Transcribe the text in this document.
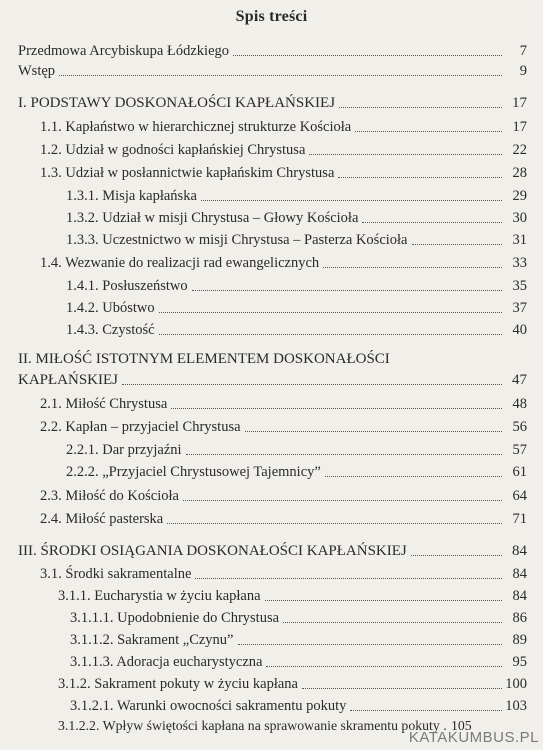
Spis treści
Przedmowa Arcybiskupa Łódzkiego	7
Wstęp	9
I. PODSTAWY DOSKONAŁOŚCI KAPŁAŃSKIEJ	17
1.1. Kapłaństwo w hierarchicznej strukturze Kościoła	17
1.2. Udział w godności kapłańskiej Chrystusa	22
1.3. Udział w posłannictwie kapłańskim Chrystusa	28
1.3.1. Misja kapłańska	29
1.3.2. Udział w misji Chrystusa – Głowy Kościoła	30
1.3.3. Uczestnictwo w misji Chrystusa – Pasterza Kościoła	31
1.4. Wezwanie do realizacji rad ewangelicznych	33
1.4.1. Posłuszeństwo	35
1.4.2. Ubóstwo	37
1.4.3. Czystość	40
II. MIŁOŚĆ ISTOTNYM ELEMENTEM DOSKONAŁOŚCI
KAPŁAŃSKIEJ	47
2.1. Miłość Chrystusa	48
2.2. Kapłan – przyjaciel Chrystusa	56
2.2.1. Dar przyjaźni	57
2.2.2. „Przyjaciel Chrystusowej Tajemnicy”	61
2.3. Miłość do Kościoła	64
2.4. Miłość pasterska	71
III. ŚRODKI OSIĄGANIA DOSKONAŁOŚCI KAPŁAŃSKIEJ	84
3.1. Środki sakramentalne	84
3.1.1. Eucharystia w życiu kapłana	84
3.1.1.1. Upodobnienie do Chrystusa	86
3.1.1.2. Sakrament „Czynu”	89
3.1.1.3. Adoracja eucharystyczna	95
3.1.2. Sakrament pokuty w życiu kapłana	100
3.1.2.1. Warunki owocności sakramentu pokuty	103
3.1.2.2. Wpływ świętości kapłana na sprawowanie skramentu pokuty . 105
KATAKUMBUS.PL
